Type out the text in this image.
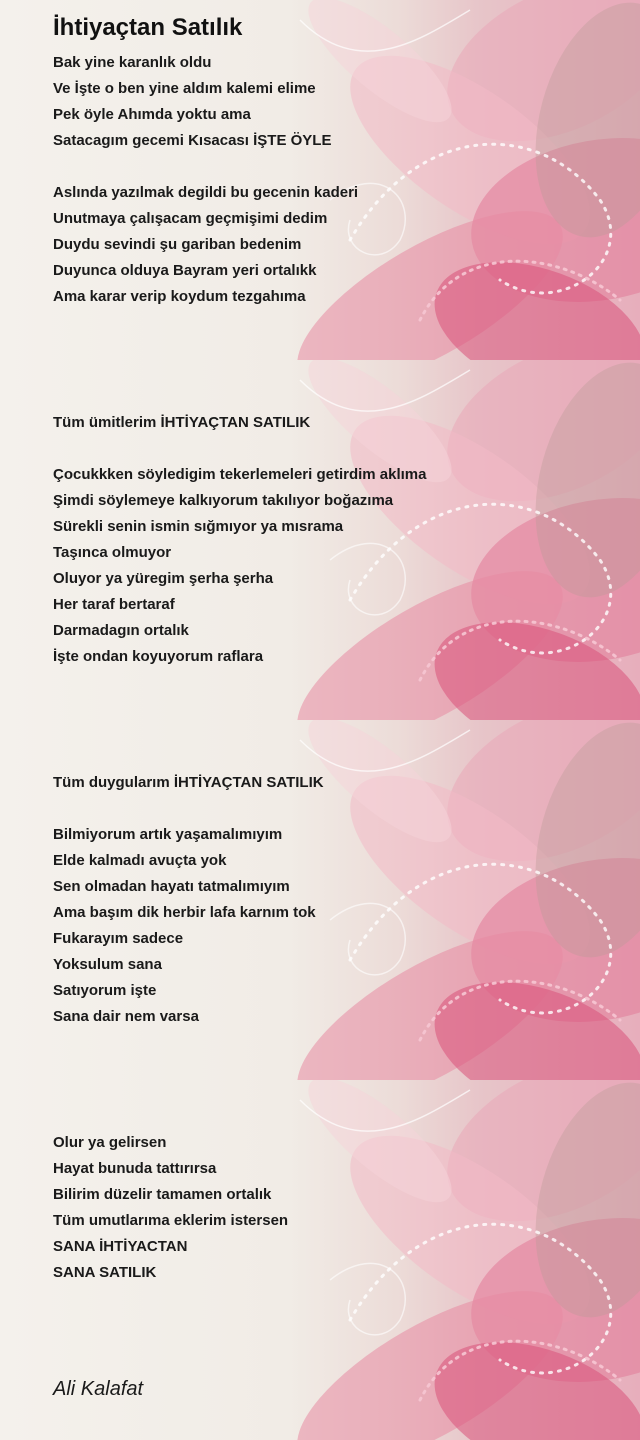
İhtiyaçtan Satılık
Bak yine karanlık oldu
Ve İşte o ben yine aldım kalemi elime
Pek öyle Ahımda yoktu ama
Satacagım gecemi Kısacası İŞTE ÖYLE
Aslında yazılmak degildi bu gecenin kaderi
Unutmaya çalışacam geçmişimi dedim
Duydu sevindi şu gariban bedenim
Duyunca olduya Bayram yeri ortalıkk
Ama karar verip koydum tezgahıma
Tüm ümitlerim İHTİYAÇTAN SATILIK
Çocukkken söyledigim tekerlemeleri getirdim aklıma
Şimdi söylemeye kalkıyorum takılıyor boğazıma
Sürekli senin ismin sığmıyor ya mısrama
Taşınca olmuyor
Oluyor ya yüregim şerha şerha
Her taraf bertaraf
Darmadagın ortalık
İşte ondan koyuyorum raflara
Tüm duygularım İHTİYAÇTAN SATILIK
Bilmiyorum artık yaşamalımıyım
Elde kalmadı avuçta yok
Sen olmadan hayatı tatmalımıyım
Ama başım dik herbir lafa karnım tok
Fukarayım sadece
Yoksulum sana
Satıyorum işte
Sana dair nem varsa
Olur ya gelirsen
Hayat bunuda tattırırsa
Bilirim düzelir tamamen ortalık
Tüm umutlarıma eklerim istersen
SANA İHTİYACTAN
SANA SATILIK
Ali Kalafat
